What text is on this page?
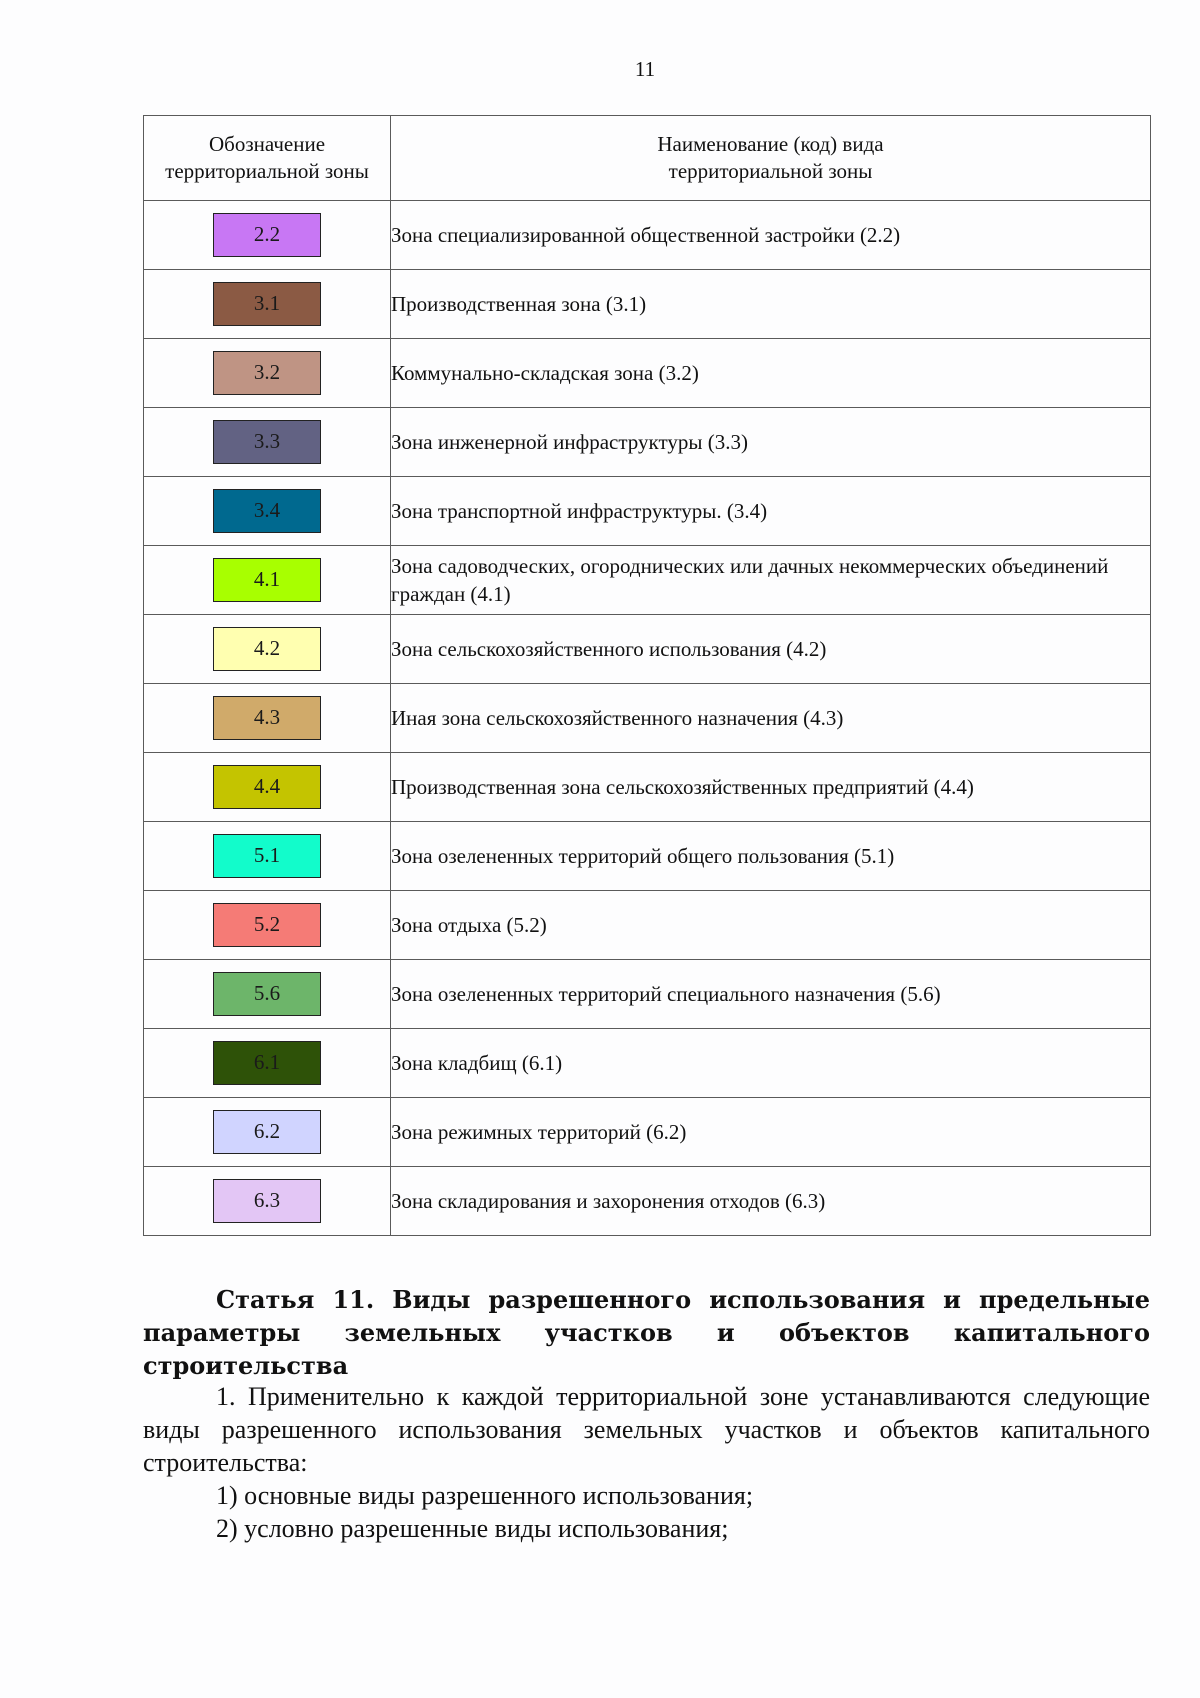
11
Обозначение территориальной зоны	Наименование (код) вида
территориальной зоны

2.2	Зона специализированной общественной застройки (2.2)
3.1	Производственная зона (3.1)
3.2	Коммунально-складская зона (3.2)
3.3	Зона инженерной инфраструктуры (3.3)
3.4	Зона транспортной инфраструктуры. (3.4)
4.1	Зона садоводческих, огороднических или дачных некоммерческих объединений граждан (4.1)
4.2	Зона сельскохозяйственного использования (4.2)
4.3	Иная зона сельскохозяйственного назначения (4.3)
4.4	Производственная зона сельскохозяйственных предприятий (4.4)
5.1	Зона озелененных территорий общего пользования (5.1)
5.2	Зона отдыха (5.2)
5.6	Зона озелененных территорий специального назначения (5.6)
6.1	Зона кладбищ (6.1)
6.2	Зона режимных территорий (6.2)
6.3	Зона складирования и захоронения отходов (6.3)
Статья 11. Виды разрешенного использования и предельные параметры земельных участков и объектов капитального строительства

1. Применительно к каждой территориальной зоне устанавливаются следующие виды разрешенного использования земельных участков и объектов капитального строительства:

1) основные виды разрешенного использования;

2) условно разрешенные виды использования;
